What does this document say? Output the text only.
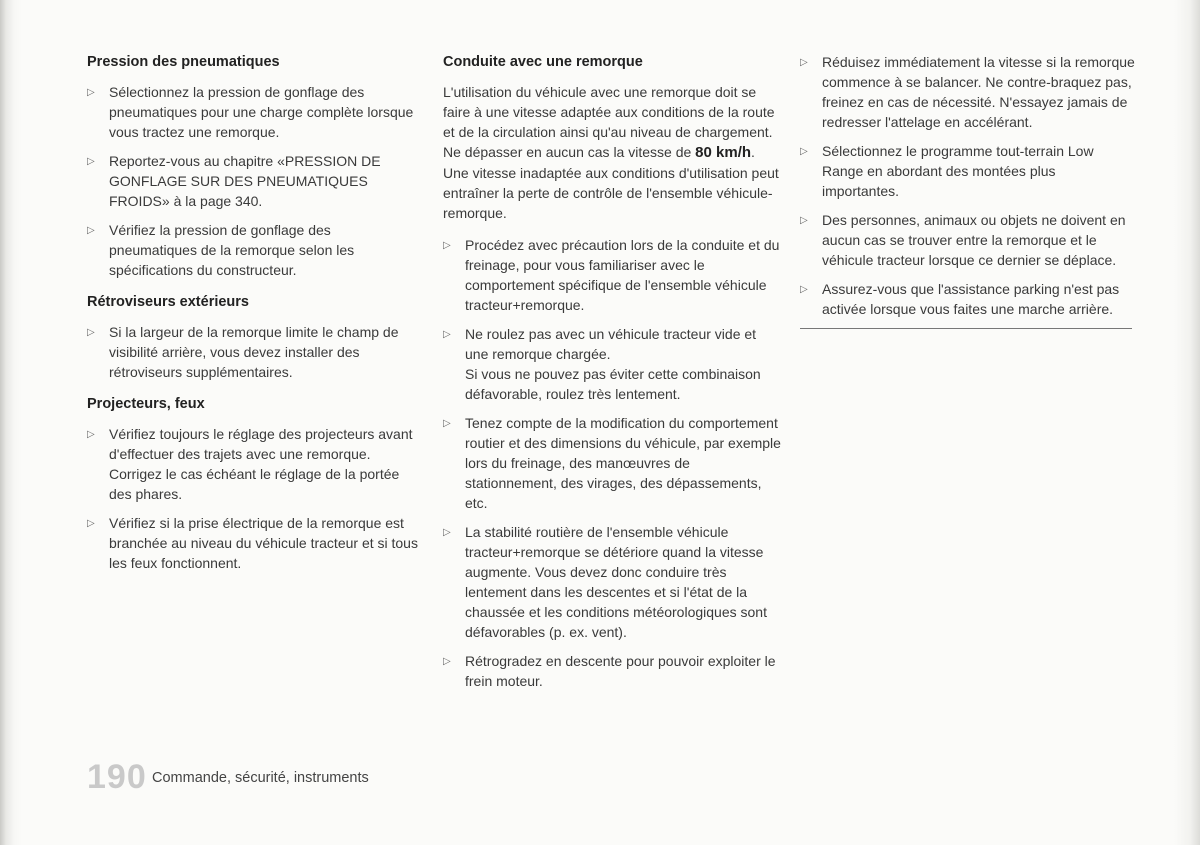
Pression des pneumatiques
▷ Sélectionnez la pression de gonflage des pneumatiques pour une charge complète lorsque vous tractez une remorque.
▷ Reportez-vous au chapitre «PRESSION DE GONFLAGE SUR DES PNEUMATIQUES FROIDS» à la page 340.
▷ Vérifiez la pression de gonflage des pneumatiques de la remorque selon les spécifications du constructeur.
Rétroviseurs extérieurs
▷ Si la largeur de la remorque limite le champ de visibilité arrière, vous devez installer des rétroviseurs supplémentaires.
Projecteurs, feux
▷ Vérifiez toujours le réglage des projecteurs avant d'effectuer des trajets avec une remorque.
Corrigez le cas échéant le réglage de la portée des phares.
▷ Vérifiez si la prise électrique de la remorque est branchée au niveau du véhicule tracteur et si tous les feux fonctionnent.
Conduite avec une remorque

L'utilisation du véhicule avec une remorque doit se faire à une vitesse adaptée aux conditions de la route et de la circulation ainsi qu'au niveau de chargement. Ne dépasser en aucun cas la vitesse de 80 km/h. Une vitesse inadaptée aux conditions d'utilisation peut entraîner la perte de contrôle de l'ensemble véhicule-remorque.

▷ Procédez avec précaution lors de la conduite et du freinage, pour vous familiariser avec le comportement spécifique de l'ensemble véhicule tracteur+remorque.
▷ Ne roulez pas avec un véhicule tracteur vide et une remorque chargée.
Si vous ne pouvez pas éviter cette combinaison défavorable, roulez très lentement.
▷ Tenez compte de la modification du comportement routier et des dimensions du véhicule, par exemple lors du freinage, des manœuvres de stationnement, des virages, des dépassements, etc.
▷ La stabilité routière de l'ensemble véhicule tracteur+remorque se détériore quand la vitesse augmente. Vous devez donc conduire très lentement dans les descentes et si l'état de la chaussée et les conditions météorologiques sont défavorables (p. ex. vent).
▷ Rétrogradez en descente pour pouvoir exploiter le frein moteur.
▷ Réduisez immédiatement la vitesse si la remorque commence à se balancer. Ne contre-braquez pas, freinez en cas de nécessité. N'essayez jamais de redresser l'attelage en accélérant.
▷ Sélectionnez le programme tout-terrain Low Range en abordant des montées plus importantes.
▷ Des personnes, animaux ou objets ne doivent en aucun cas se trouver entre la remorque et le véhicule tracteur lorsque ce dernier se déplace.
▷ Assurez-vous que l'assistance parking n'est pas activée lorsque vous faites une marche arrière.
190 Commande, sécurité, instruments
